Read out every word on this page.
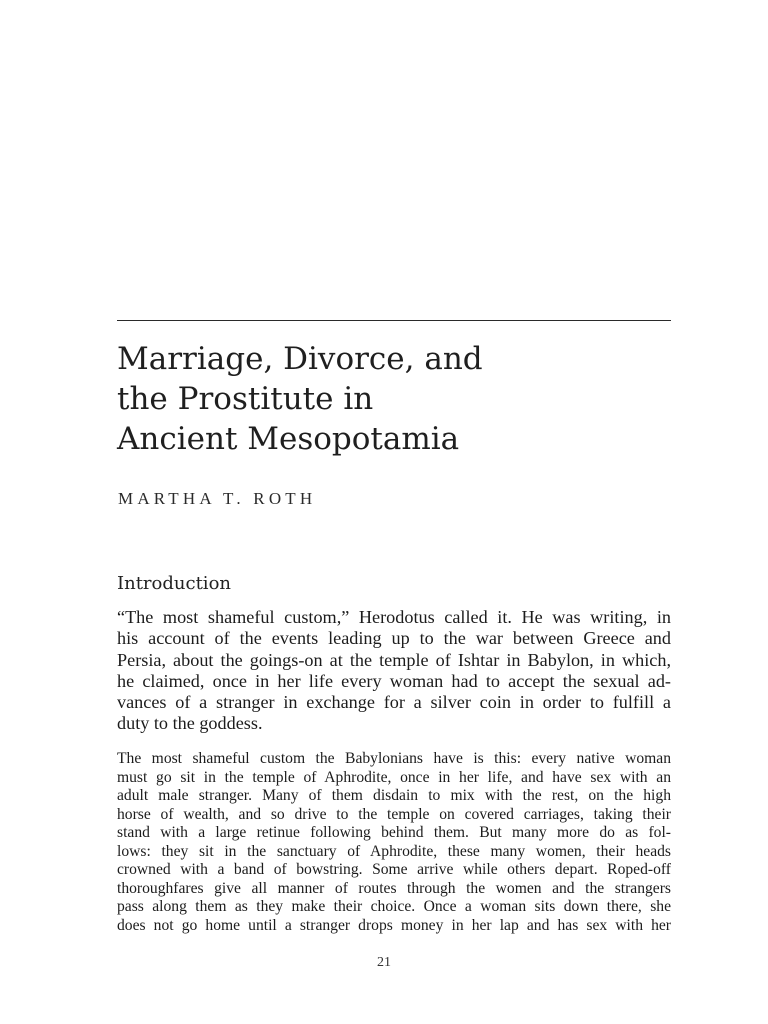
Marriage, Divorce, and
the Prostitute in
Ancient Mesopotamia

MARTHA T. ROTH

Introduction
“The most shameful custom,” Herodotus called it. He was writing, in
his account of the events leading up to the war between Greece and
Persia, about the goings-on at the temple of Ishtar in Babylon, in which,
he claimed, once in her life every woman had to accept the sexual ad-
vances of a stranger in exchange for a silver coin in order to fulfill a
duty to the goddess.
The most shameful custom the Babylonians have is this: every native woman
must go sit in the temple of Aphrodite, once in her life, and have sex with an
adult male stranger. Many of them disdain to mix with the rest, on the high
horse of wealth, and so drive to the temple on covered carriages, taking their
stand with a large retinue following behind them. But many more do as fol-
lows: they sit in the sanctuary of Aphrodite, these many women, their heads
crowned with a band of bowstring. Some arrive while others depart. Roped-off
thoroughfares give all manner of routes through the women and the strangers
pass along them as they make their choice. Once a woman sits down there, she
does not go home until a stranger drops money in her lap and has sex with her

21
